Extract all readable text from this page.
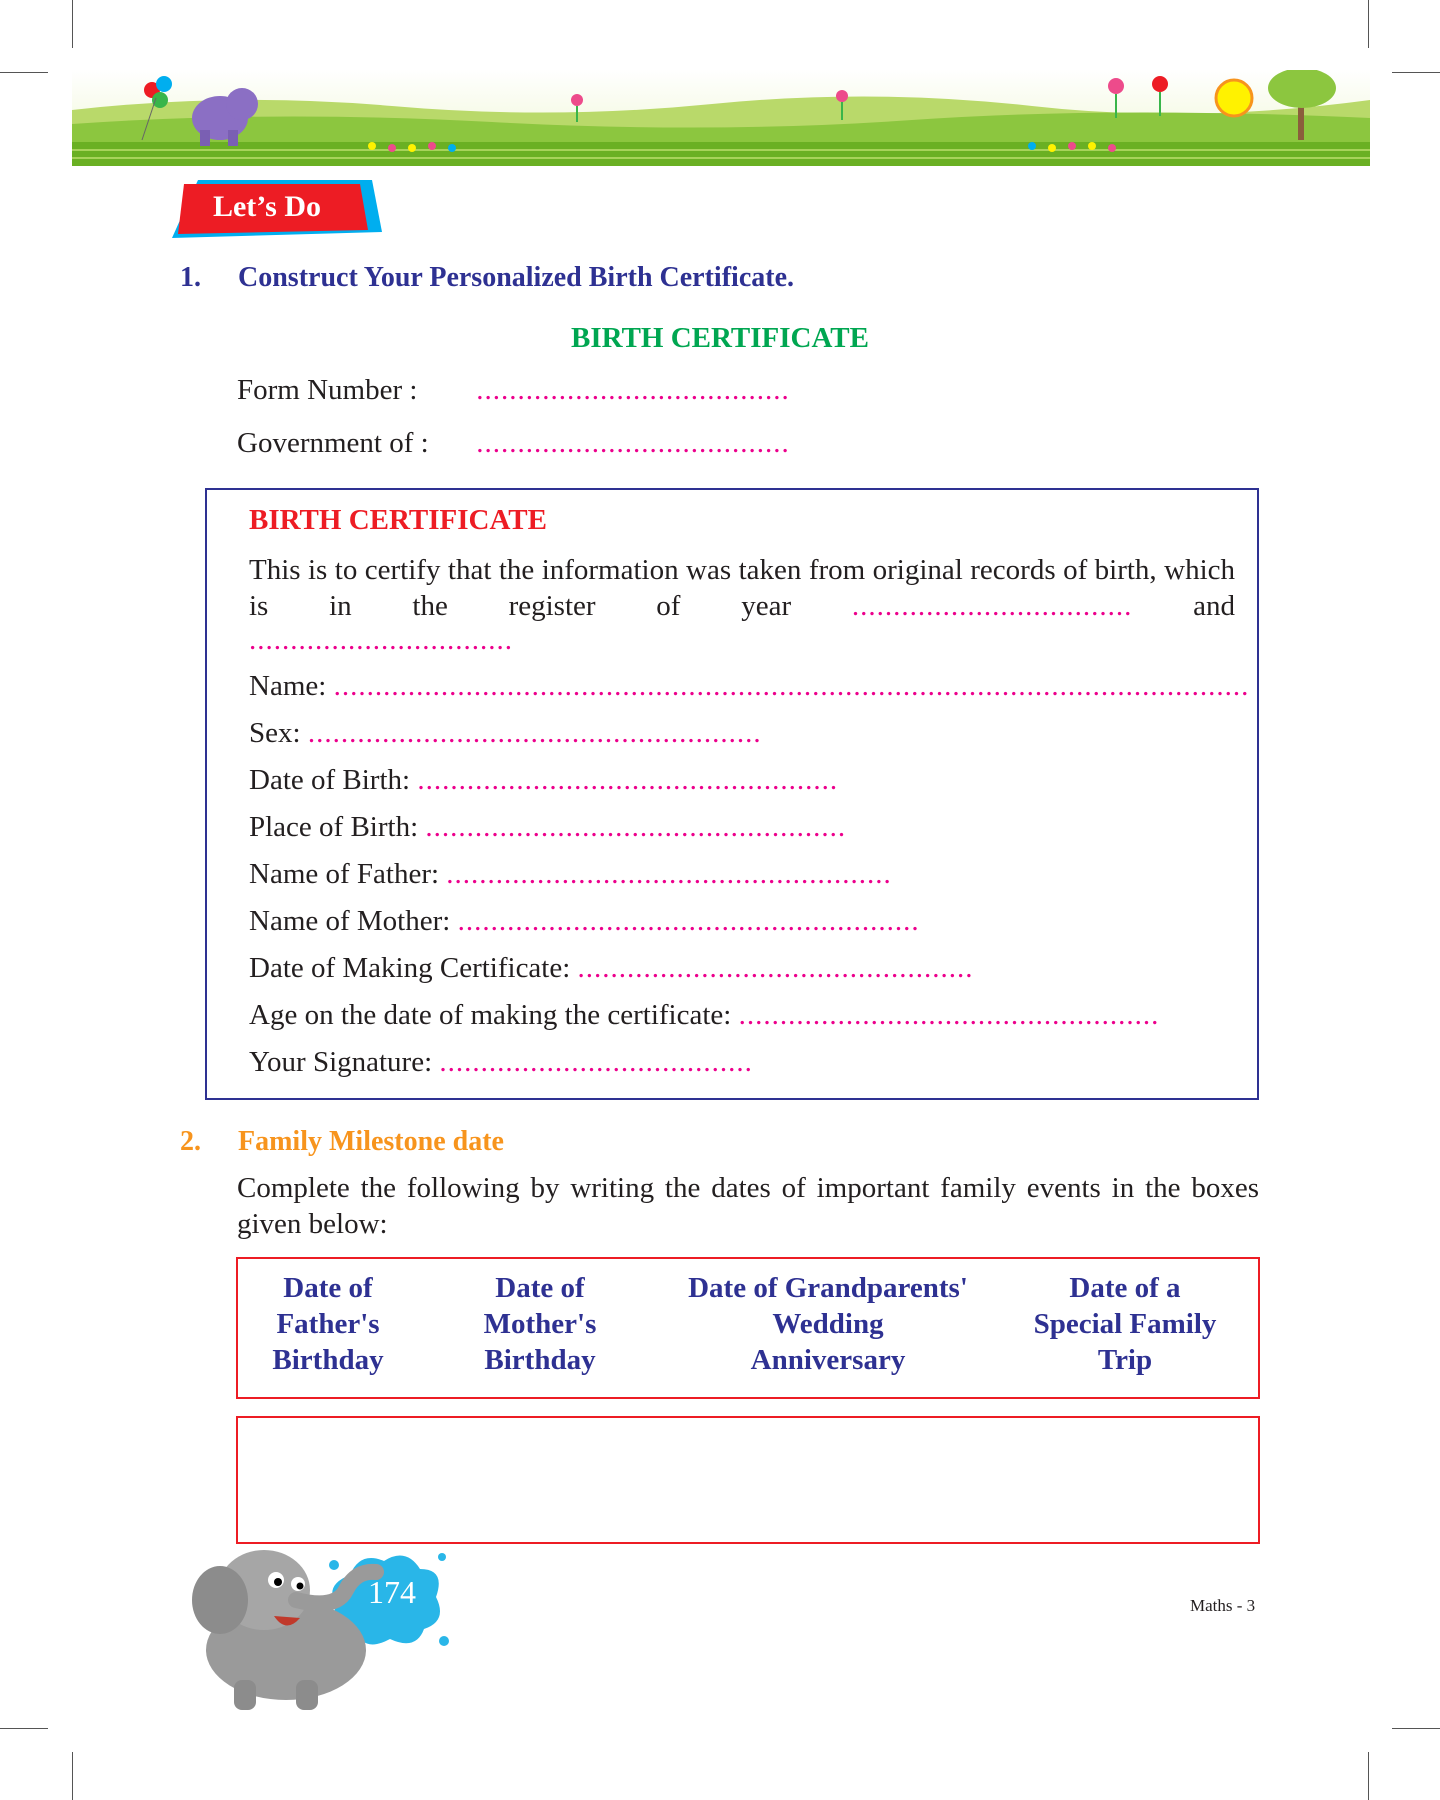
Let’s Do
1. Construct Your Personalized Birth Certificate.
BIRTH CERTIFICATE
Form Number : ......................................
Government of : ......................................
BIRTH CERTIFICATE
This is to certify that the information was taken from original records of birth, which is in the register of year .................................. and
................................
Name: ...............................................................................................................
Sex: .......................................................
Date of Birth: ...................................................
Place of Birth: ...................................................
Name of Father: ......................................................
Name of Mother: ........................................................
Date of Making Certificate: ................................................
Age on the date of making the certificate: ...................................................
Your Signature: ......................................
2. Family Milestone date
Complete the following by writing the dates of important family events in the boxes given below:
Date of
Father's
Birthday
Date of
Mother's
Birthday
Date of Grandparents'
Wedding
Anniversary
Date of a
Special Family
Trip
174	Maths - 3
